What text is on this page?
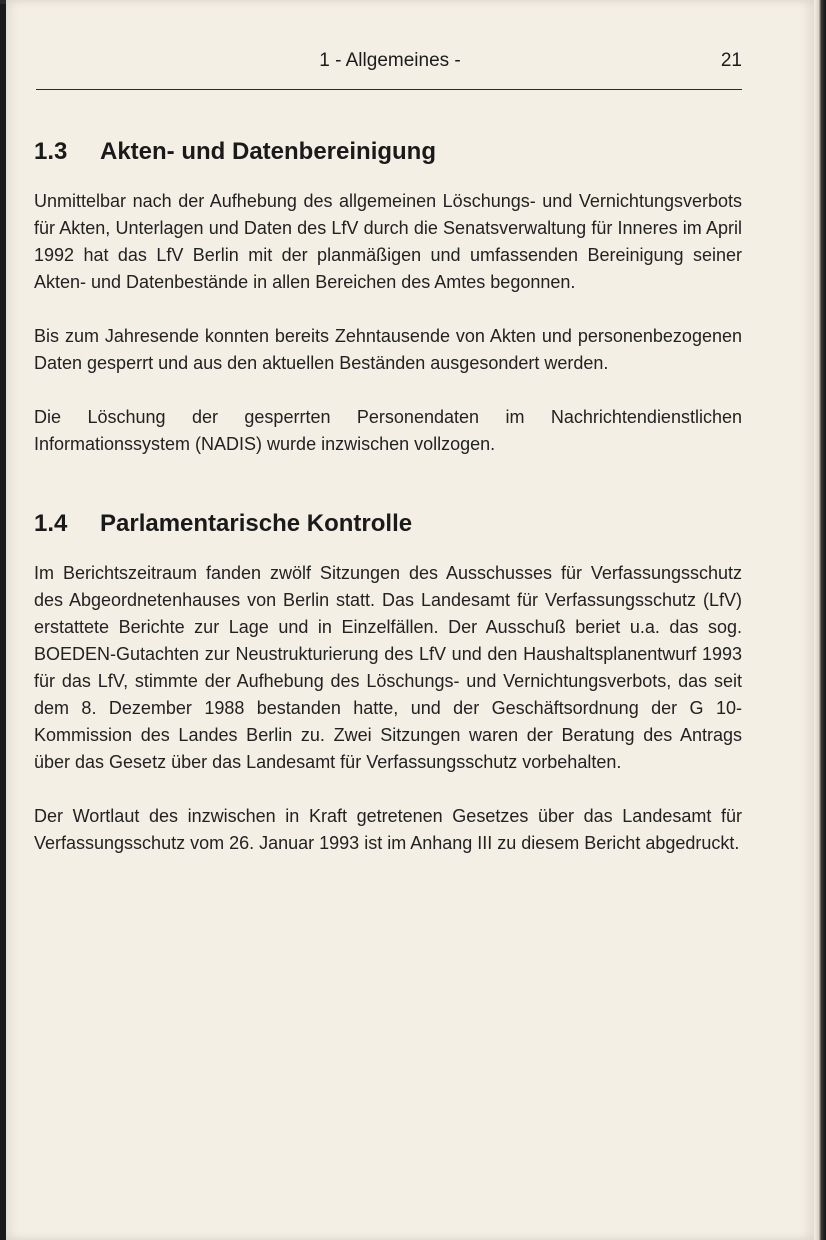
1 - Allgemeines -	21
1.3	Akten- und Datenbereinigung

Unmittelbar nach der Aufhebung des allgemeinen Löschungs- und Vernichtungsverbots für Akten, Unterlagen und Daten des LfV durch die Senatsverwaltung für Inneres im April 1992 hat das LfV Berlin mit der planmäßigen und umfassenden Bereinigung seiner Akten- und Datenbestände in allen Bereichen des Amtes begonnen.

Bis zum Jahresende konnten bereits Zehntausende von Akten und personenbezogenen Daten gesperrt und aus den aktuellen Beständen ausgesondert werden.

Die Löschung der gesperrten Personendaten im Nachrichtendienstlichen Informationssystem (NADIS) wurde inzwischen vollzogen.

1.4	Parlamentarische Kontrolle

Im Berichtszeitraum fanden zwölf Sitzungen des Ausschusses für Verfassungsschutz des Abgeordnetenhauses von Berlin statt. Das Landesamt für Verfassungsschutz (LfV) erstattete Berichte zur Lage und in Einzelfällen. Der Ausschuß beriet u.a. das sog. BOEDEN-Gutachten zur Neustrukturierung des LfV und den Haushaltsplanentwurf 1993 für das LfV, stimmte der Aufhebung des Löschungs- und Vernichtungsverbots, das seit dem 8. Dezember 1988 bestanden hatte, und der Geschäftsordnung der G 10-Kommission des Landes Berlin zu. Zwei Sitzungen waren der Beratung des Antrags über das Gesetz über das Landesamt für Verfassungsschutz vorbehalten.

Der Wortlaut des inzwischen in Kraft getretenen Gesetzes über das Landesamt für Verfassungsschutz vom 26. Januar 1993 ist im Anhang III zu diesem Bericht abgedruckt.
